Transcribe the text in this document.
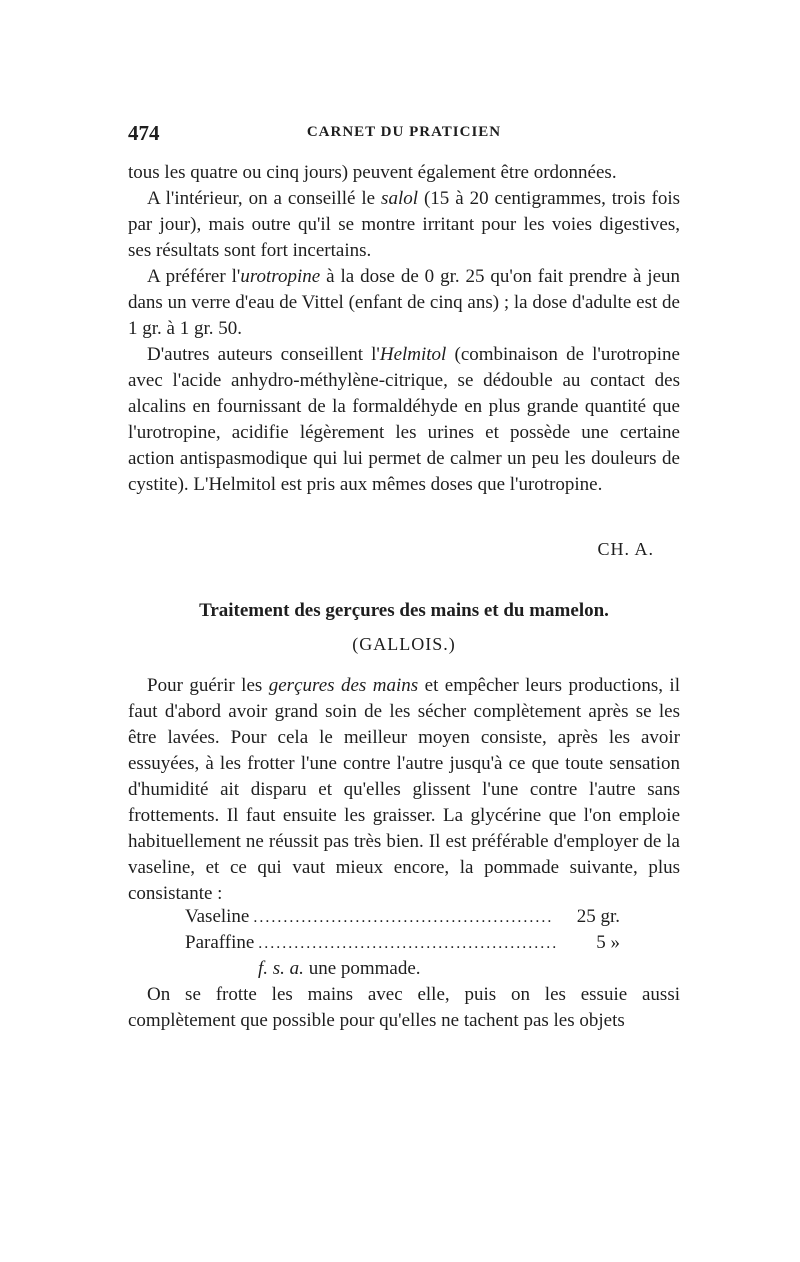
474	CARNET DU PRATICIEN

tous les quatre ou cinq jours) peuvent également être ordonnées.

A l'intérieur, on a conseillé le salol (15 à 20 centigrammes, trois fois par jour), mais outre qu'il se montre irritant pour les voies digestives, ses résultats sont fort incertains.

A préférer l'urotropine à la dose de 0 gr. 25 qu'on fait prendre à jeun dans un verre d'eau de Vittel (enfant de cinq ans) ; la dose d'adulte est de 1 gr. à 1 gr. 50.

D'autres auteurs conseillent l'Helmitol (combinaison de l'urotropine avec l'acide anhydro-méthylène-citrique, se dédouble au contact des alcalins en fournissant de la formaldéhyde en plus grande quantité que l'urotropine, acidifie légèrement les urines et possède une certaine action antispasmodique qui lui permet de calmer un peu les douleurs de cystite). L'Helmitol est pris aux mêmes doses que l'urotropine.

CH. A.
Traitement des gerçures des mains et du mamelon.
(GALLOIS.)

Pour guérir les gerçures des mains et empêcher leurs productions, il faut d'abord avoir grand soin de les sécher complètement après se les être lavées. Pour cela le meilleur moyen consiste, après les avoir essuyées, à les frotter l'une contre l'autre jusqu'à ce que toute sensation d'humidité ait disparu et qu'elles glissent l'une contre l'autre sans frottements. Il faut ensuite les graisser. La glycérine que l'on emploie habituellement ne réussit pas très bien. Il est préférable d'employer de la vaseline, et ce qui vaut mieux encore, la pommade suivante, plus consistante :

Vaseline ..................................................	25 gr.
Paraffine ..................................................	5 »
f. s. a. une pommade.

On se frotte les mains avec elle, puis on les essuie aussi complètement que possible pour qu'elles ne tachent pas les objets
